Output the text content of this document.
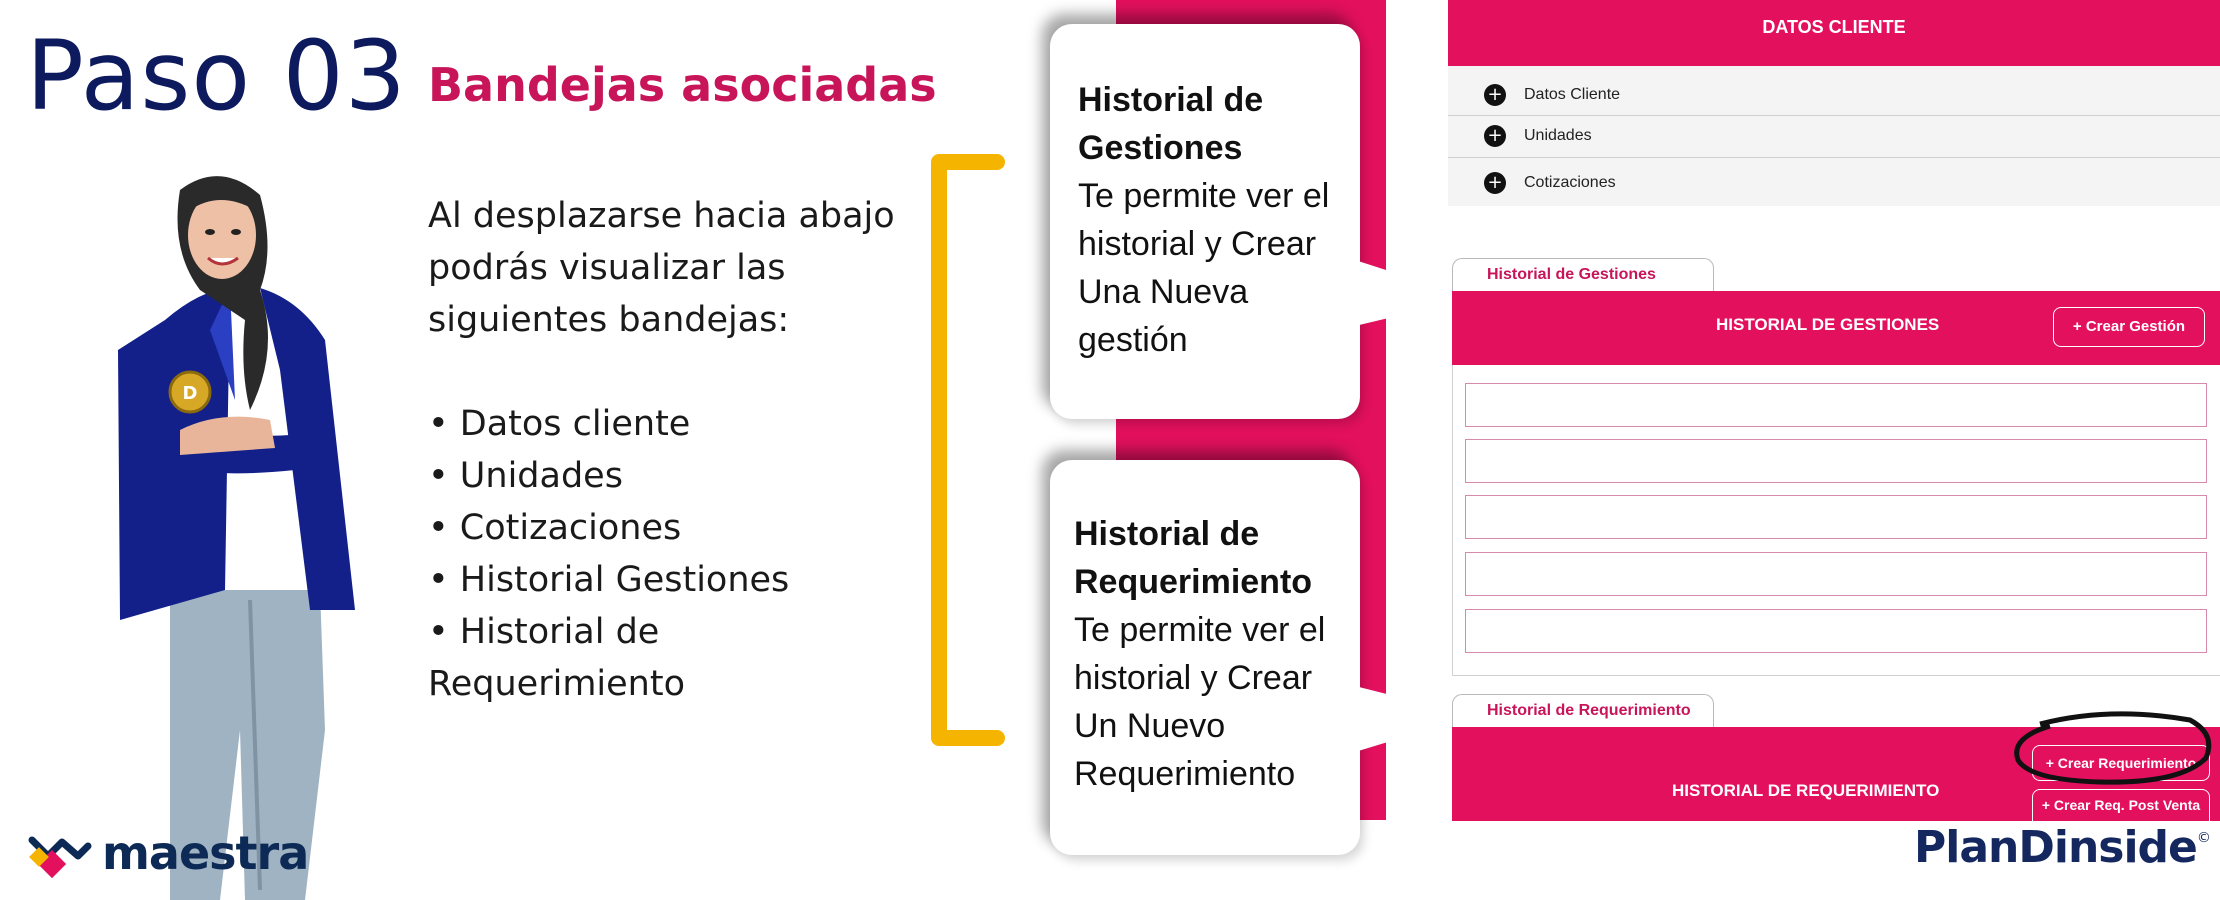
Paso 03 Bandejas asociadas
D
Al desplazarse hacia abajo podrás visualizar las siguientes bandejas:
• Datos cliente
• Unidades
• Cotizaciones
• Historial Gestiones
• Historial de
Requerimiento
Historial de
Gestiones
Te permite ver el historial y Crear Una Nueva gestión
Historial de
Requerimiento
Te permite ver el historial y Crear Un Nuevo Requerimiento
DATOS CLIENTE
+ Datos Cliente
+ Unidades
+ Cotizaciones
Historial de Gestiones
HISTORIAL DE GESTIONES	+ Crear Gestión
Historial de Requerimiento
HISTORIAL DE REQUERIMIENTO
+ Crear Requerimiento
+ Crear Req. Post Venta
maestra	PlanDinside©
